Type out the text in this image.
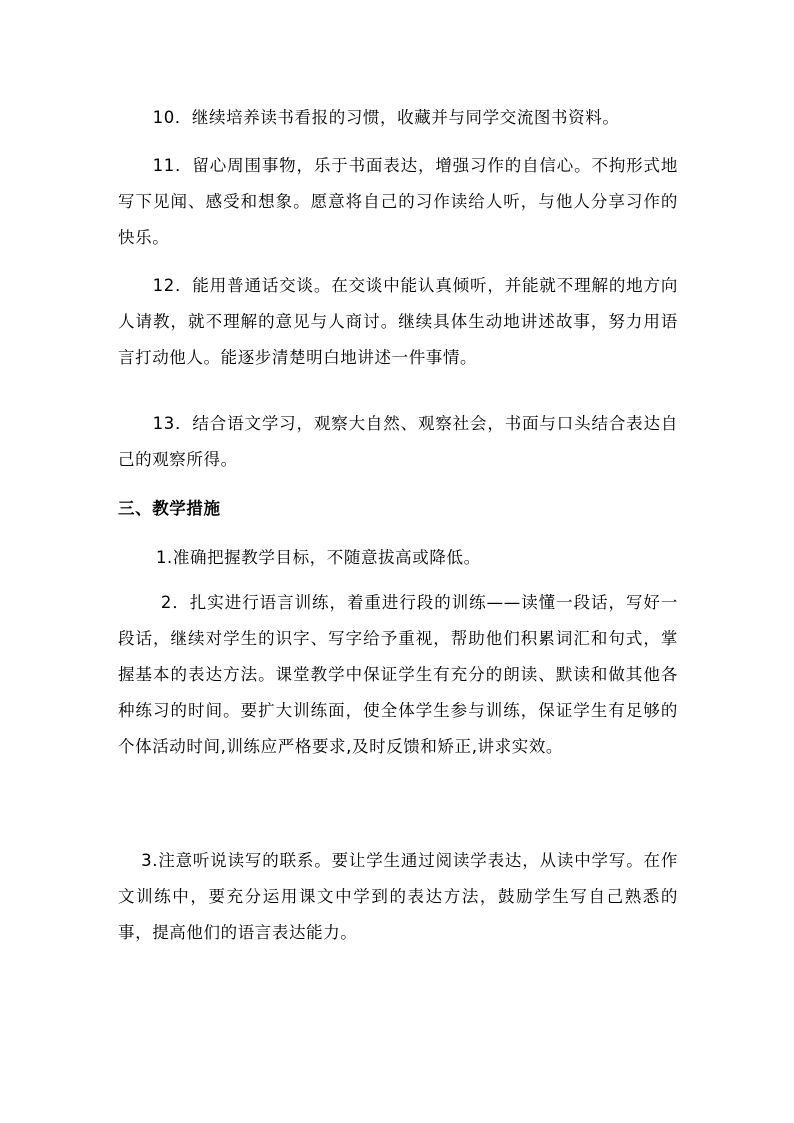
10．继续培养读书看报的习惯，收藏并与同学交流图书资料。

11．留心周围事物，乐于书面表达，增强习作的自信心。不拘形式地写下见闻、感受和想象。愿意将自己的习作读给人听，与他人分享习作的快乐。

12．能用普通话交谈。在交谈中能认真倾听，并能就不理解的地方向人请教，就不理解的意见与人商讨。继续具体生动地讲述故事，努力用语言打动他人。能逐步清楚明白地讲述一件事情。

13．结合语文学习，观察大自然、观察社会，书面与口头结合表达自己的观察所得。

三、教学措施

1.准确把握教学目标，不随意拔高或降低。

2．扎实进行语言训练，着重进行段的训练——读懂一段话，写好一段话，继续对学生的识字、写字给予重视，帮助他们积累词汇和句式，掌握基本的表达方法。课堂教学中保证学生有充分的朗读、默读和做其他各种练习的时间。要扩大训练面，使全体学生参与训练，保证学生有足够的个体活动时间,训练应严格要求,及时反馈和矫正,讲求实效。

3.注意听说读写的联系。要让学生通过阅读学表达，从读中学写。在作文训练中，要充分运用课文中学到的表达方法，鼓励学生写自己熟悉的事，提高他们的语言表达能力。
